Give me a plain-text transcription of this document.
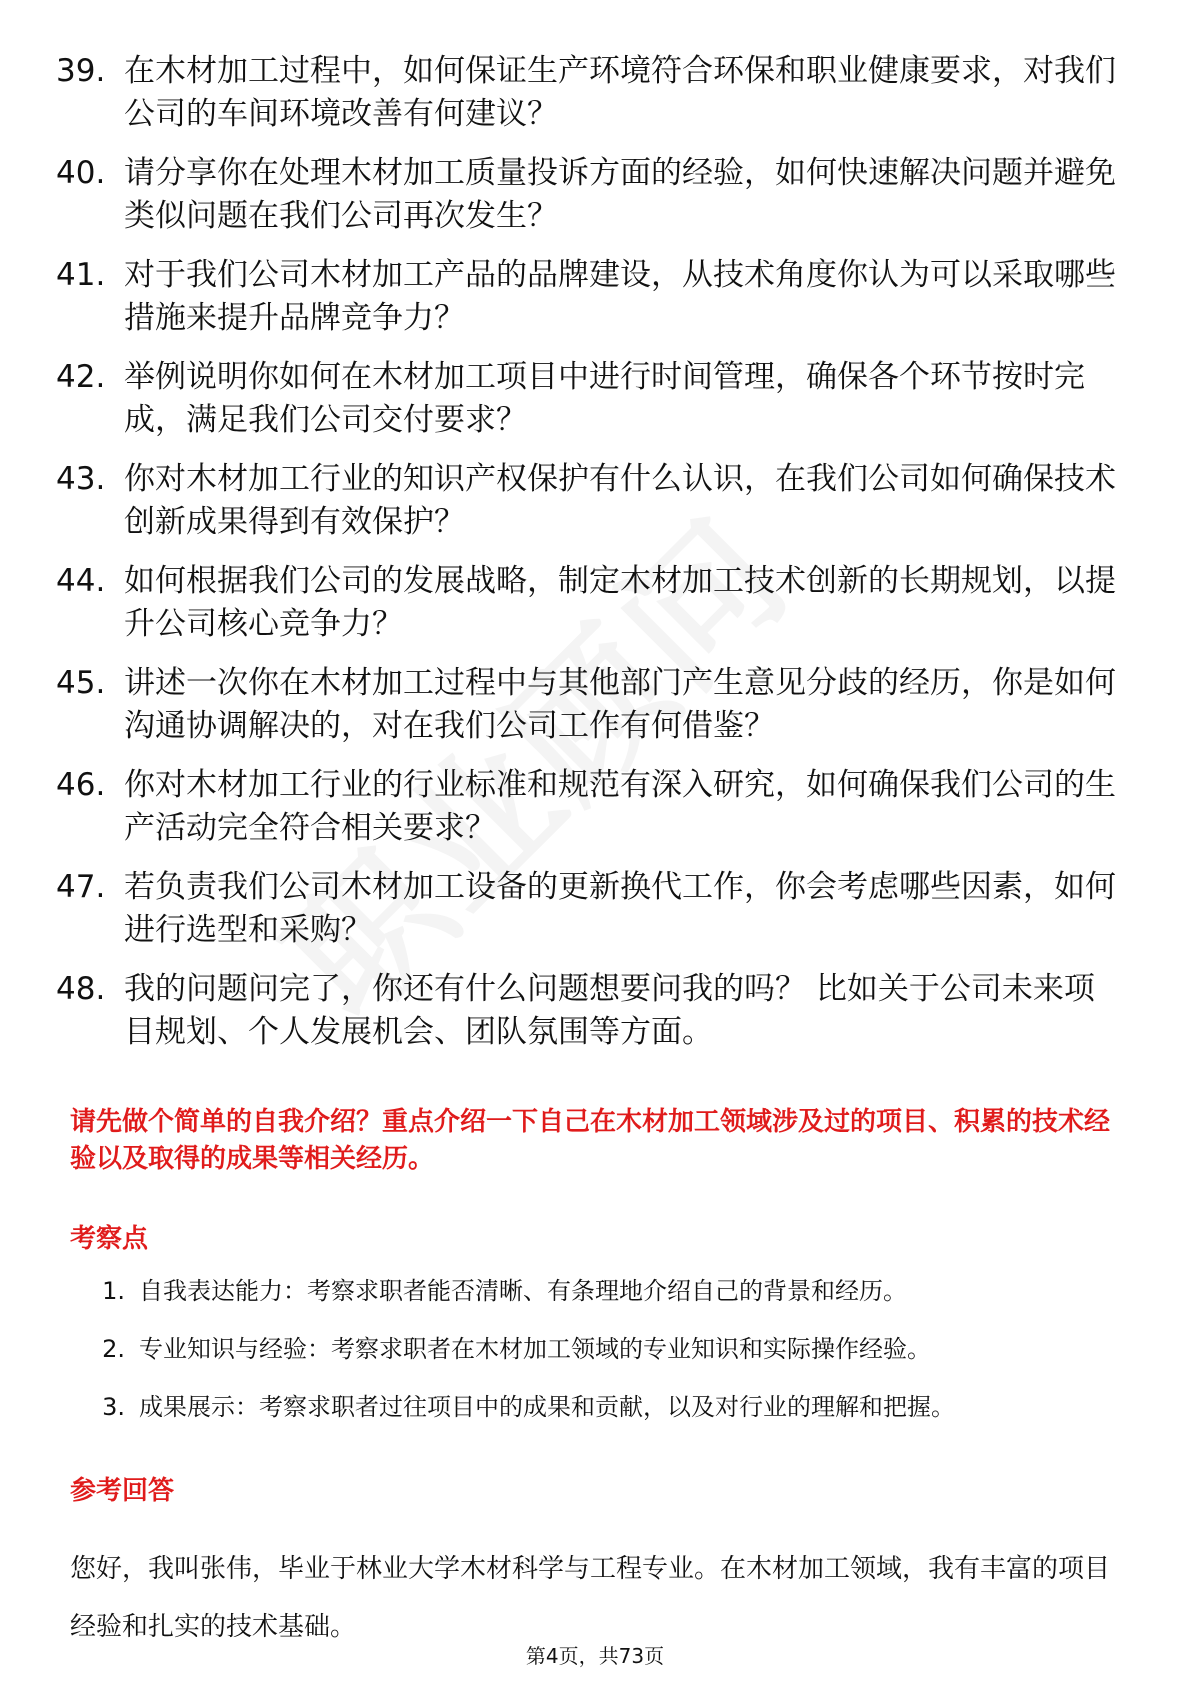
39. 在木材加工过程中，如何保证生产环境符合环保和职业健康要求，对我们公司的车间环境改善有何建议？
40. 请分享你在处理木材加工质量投诉方面的经验，如何快速解决问题并避免类似问题在我们公司再次发生？
41. 对于我们公司木材加工产品的品牌建设，从技术角度你认为可以采取哪些措施来提升品牌竞争力？
42. 举例说明你如何在木材加工项目中进行时间管理，确保各个环节按时完成，满足我们公司交付要求？
43. 你对木材加工行业的知识产权保护有什么认识，在我们公司如何确保技术创新成果得到有效保护？
44. 如何根据我们公司的发展战略，制定木材加工技术创新的长期规划，以提升公司核心竞争力？
45. 讲述一次你在木材加工过程中与其他部门产生意见分歧的经历，你是如何沟通协调解决的，对在我们公司工作有何借鉴？
46. 你对木材加工行业的行业标准和规范有深入研究，如何确保我们公司的生产活动完全符合相关要求？
47. 若负责我们公司木材加工设备的更新换代工作，你会考虑哪些因素，如何进行选型和采购？
48. 我的问题问完了，你还有什么问题想要问我的吗？ 比如关于公司未来项目规划、个人发展机会、团队氛围等方面。
请先做个简单的自我介绍？重点介绍一下自己在木材加工领域涉及过的项目、积累的技术经验以及取得的成果等相关经历。
考察点
1. 自我表达能力：考察求职者能否清晰、有条理地介绍自己的背景和经历。
2. 专业知识与经验：考察求职者在木材加工领域的专业知识和实际操作经验。
3. 成果展示：考察求职者过往项目中的成果和贡献，以及对行业的理解和把握。
参考回答
您好，我叫张伟，毕业于林业大学木材科学与工程专业。在木材加工领域，我有丰富的项目经验和扎实的技术基础。
第4页，共73页
